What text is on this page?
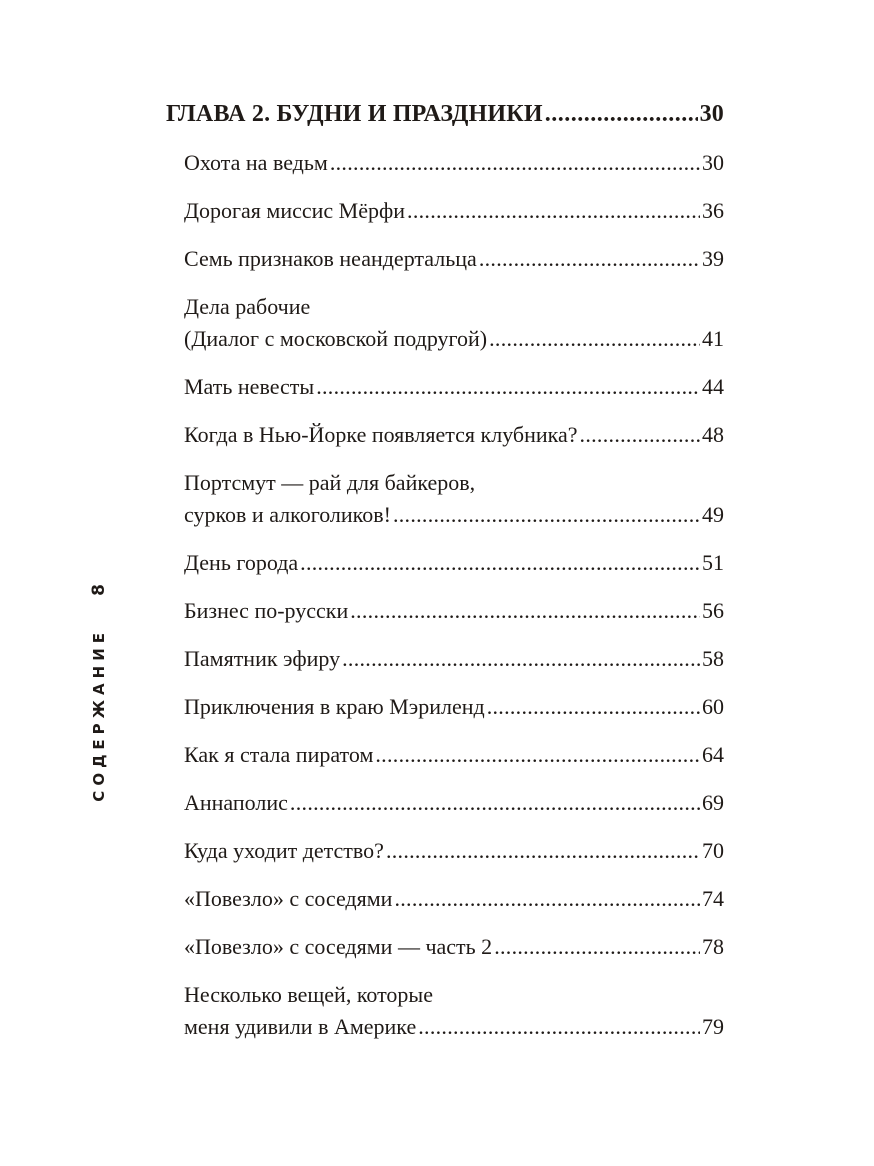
ГЛАВА 2. БУДНИ И ПРАЗДНИКИ .....	30
Охота на ведьм .....	30
Дорогая миссис Мёрфи .....	36
Семь признаков неандертальца .....	39
Дела рабочие
(Диалог с московской подругой) .....	41
Мать невесты .....	44
Когда в Нью-Йорке появляется клубника? .....	48
Портсмут — рай для байкеров,
сурков и алкоголиков! .....	49
День города .....	51
Бизнес по-русски .....	56
Памятник эфиру .....	58
Приключения в краю Мэриленд .....	60
Как я стала пиратом .....	64
Аннаполис .....	69
Куда уходит детство? .....	70
«Повезло» с соседями .....	74
«Повезло» с соседями — часть 2 .....	78
Несколько вещей, которые
меня удивили в Америке .....	79
8
СОДЕРЖАНИЕ
